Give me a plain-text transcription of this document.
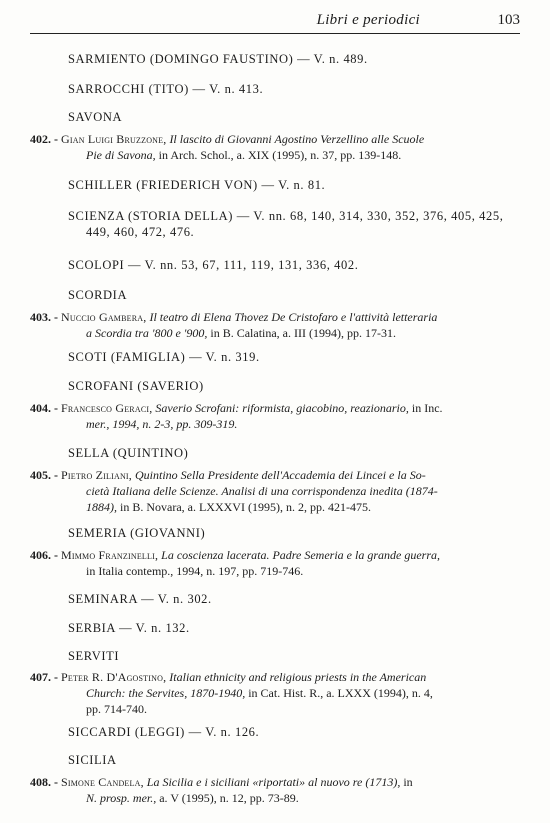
Libri e periodici	103
SARMIENTO (DOMINGO FAUSTINO) — V. n. 489.
SARROCCHI (TITO) — V. n. 413.
SAVONA
402. - Gian Luigi Bruzzone, Il lascito di Giovanni Agostino Verzellino alle Scuole
Pie di Savona, in Arch. Schol., a. XIX (1995), n. 37, pp. 139-148.
SCHILLER (FRIEDERICH VON) — V. n. 81.
SCIENZA (STORIA DELLA) — V. nn. 68, 140, 314, 330, 352, 376, 405, 425,
449, 460, 472, 476.
SCOLOPI — V. nn. 53, 67, 111, 119, 131, 336, 402.
SCORDIA
403. - Nuccio Gambera, Il teatro di Elena Thovez De Cristofaro e l'attività letteraria
a Scordia tra '800 e '900, in B. Calatina, a. III (1994), pp. 17-31.
SCOTI (FAMIGLIA) — V. n. 319.
SCROFANI (SAVERIO)
404. - Francesco Geraci, Saverio Scrofani: riformista, giacobino, reazionario, in Inc.
mer., 1994, n. 2-3, pp. 309-319.
SELLA (QUINTINO)
405. - Pietro Ziliani, Quintino Sella Presidente dell'Accademia dei Lincei e la So-
cietà Italiana delle Scienze. Analisi di una corrispondenza inedita (1874-
1884), in B. Novara, a. LXXXVI (1995), n. 2, pp. 421-475.
SEMERIA (GIOVANNI)
406. - Mimmo Franzinelli, La coscienza lacerata. Padre Semeria e la grande guerra,
in Italia contemp., 1994, n. 197, pp. 719-746.
SEMINARA — V. n. 302.
SERBIA — V. n. 132.
SERVITI
407. - Peter R. D'Agostino, Italian ethnicity and religious priests in the American
Church: the Servites, 1870-1940, in Cat. Hist. R., a. LXXX (1994), n. 4,
pp. 714-740.
SICCARDI (LEGGI) — V. n. 126.
SICILIA
408. - Simone Candela, La Sicilia e i siciliani «riportati» al nuovo re (1713), in
N. prosp. mer., a. V (1995), n. 12, pp. 73-89.
